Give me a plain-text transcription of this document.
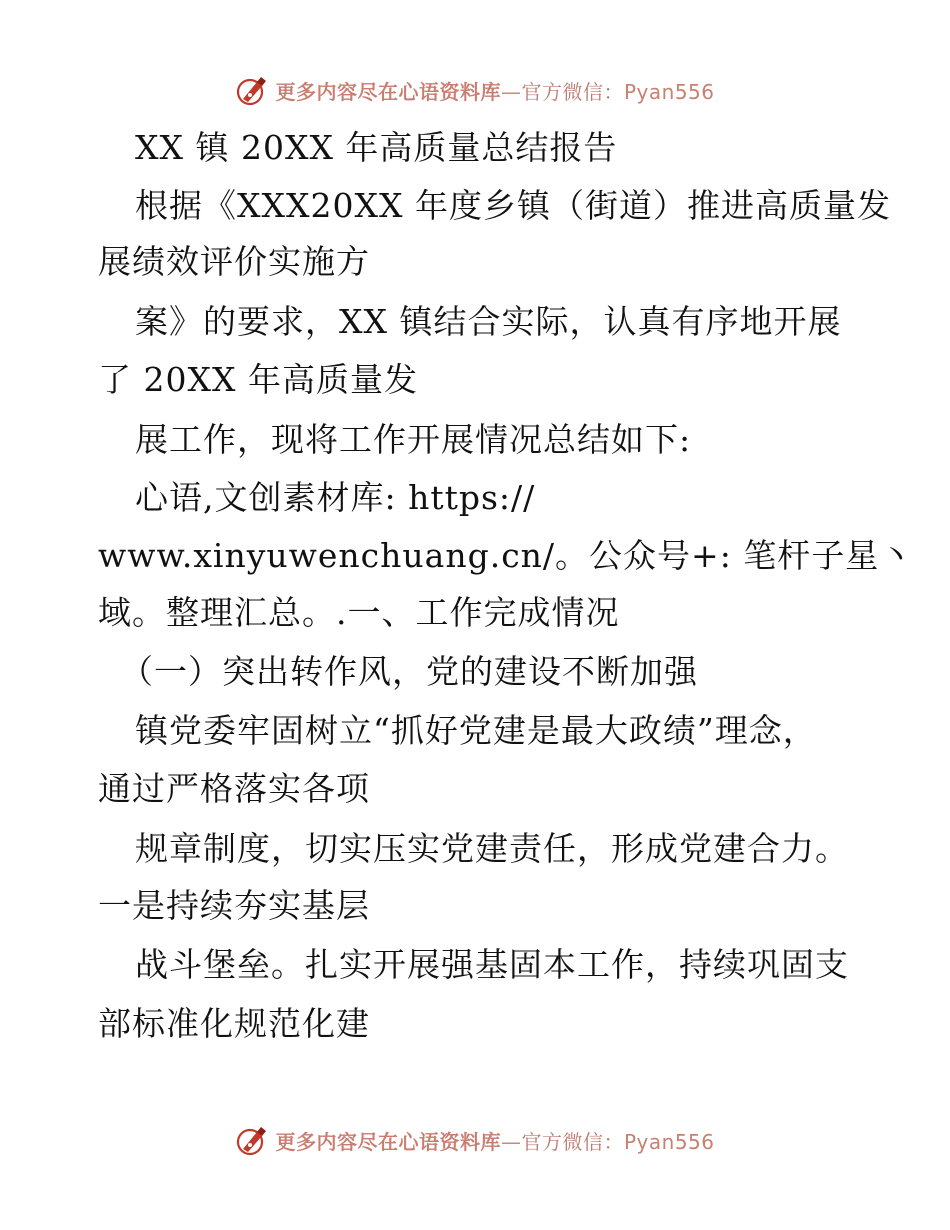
更多内容尽在心语资料库—官方微信：Pyan556
XX 镇 20XX 年高质量总结报告
根据《XXX20XX 年度乡镇（街道）推进高质量发
展绩效评价实施方
案》的要求，XX 镇结合实际，认真有序地开展
了 20XX 年高质量发
展工作，现将工作开展情况总结如下:
心语,文创素材库: https://
www.xinyuwenchuang.cn/。公众号+: 笔杆子星丶
域。整理汇总。.一、工作完成情况
（一）突出转作风，党的建设不断加强
镇党委牢固树立“抓好党建是最大政绩”理念，
通过严格落实各项
规章制度，切实压实党建责任，形成党建合力。
一是持续夯实基层
战斗堡垒。扎实开展强基固本工作，持续巩固支
部标准化规范化建
更多内容尽在心语资料库—官方微信：Pyan556
